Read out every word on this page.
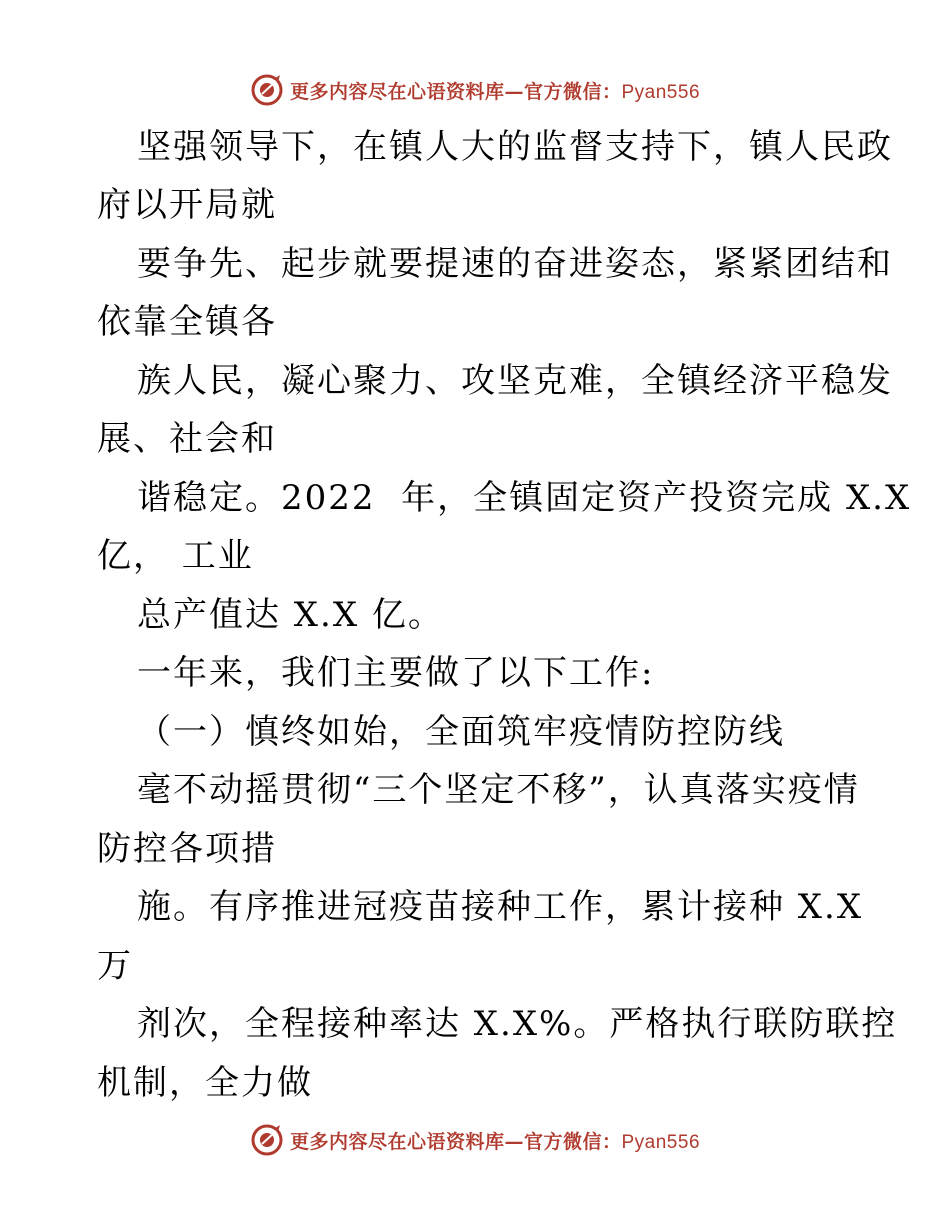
更多内容尽在心语资料库—官方微信：Pyan556
坚强领导下，在镇人大的监督支持下，镇人民政
府以开局就
要争先、起步就要提速的奋进姿态，紧紧团结和
依靠全镇各
族人民，凝心聚力、攻坚克难，全镇经济平稳发
展、社会和
谐稳定。2022  年，全镇固定资产投资完成 X.X
亿， 工业
总产值达 X.X 亿。
一年来，我们主要做了以下工作:
（一）慎终如始，全面筑牢疫情防控防线
毫不动摇贯彻“三个坚定不移”，认真落实疫情
防控各项措
施。有序推进冠疫苗接种工作，累计接种 X.X
万
剂次，全程接种率达 X.X%。严格执行联防联控
机制，全力做
更多内容尽在心语资料库—官方微信：Pyan556
